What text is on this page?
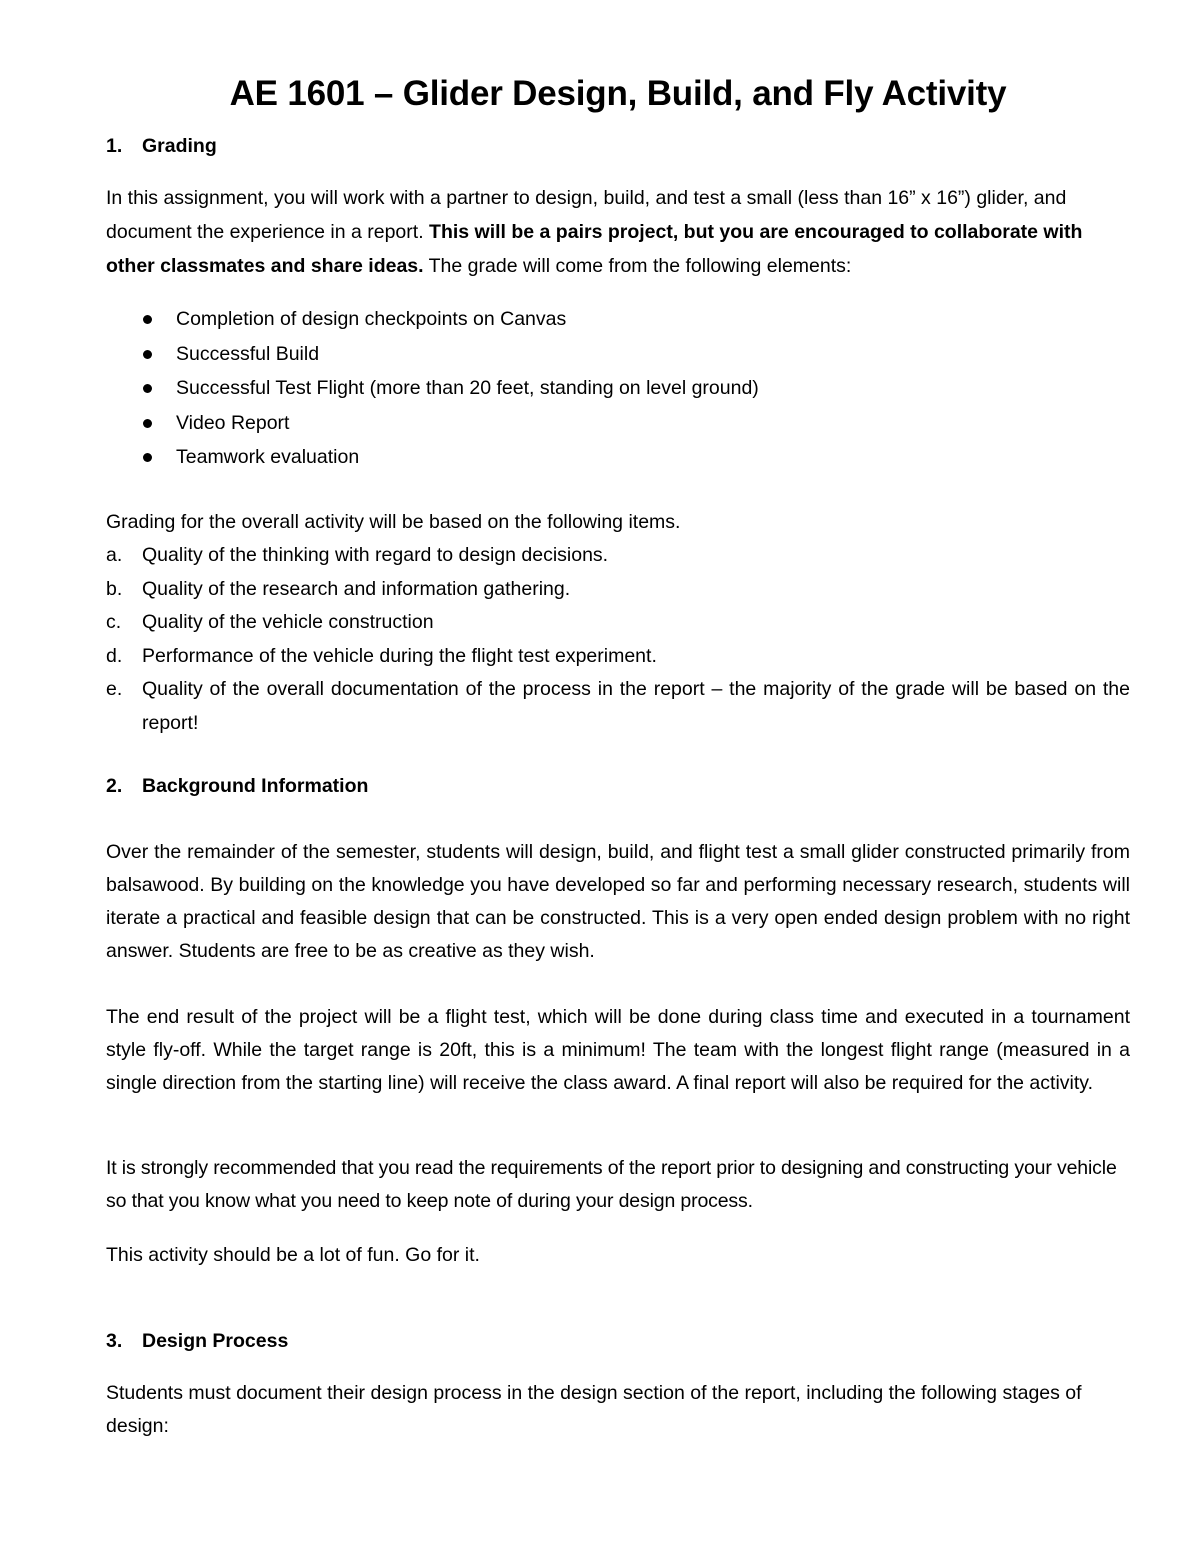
AE 1601 – Glider Design, Build, and Fly Activity
1. Grading

In this assignment, you will work with a partner to design, build, and test a small (less than 16” x 16”) glider, and document the experience in a report. This will be a pairs project, but you are encouraged to collaborate with other classmates and share ideas. The grade will come from the following elements:

Completion of design checkpoints on Canvas
Successful Build
Successful Test Flight (more than 20 feet, standing on level ground)
Video Report
Teamwork evaluation

Grading for the overall activity will be based on the following items.

a. Quality of the thinking with regard to design decisions.
b. Quality of the research and information gathering.
c. Quality of the vehicle construction
d. Performance of the vehicle during the flight test experiment.
e. Quality of the overall documentation of the process in the report – the majority of the grade will be based on the report!
2. Background Information

Over the remainder of the semester, students will design, build, and flight test a small glider constructed primarily from balsawood. By building on the knowledge you have developed so far and performing necessary research, students will iterate a practical and feasible design that can be constructed. This is a very open ended design problem with no right answer. Students are free to be as creative as they wish.

The end result of the project will be a flight test, which will be done during class time and executed in a tournament style fly-off. While the target range is 20ft, this is a minimum! The team with the longest flight range (measured in a single direction from the starting line) will receive the class award. A final report will also be required for the activity.

It is strongly recommended that you read the requirements of the report prior to designing and constructing your vehicle so that you know what you need to keep note of during your design process.

This activity should be a lot of fun. Go for it.

3. Design Process

Students must document their design process in the design section of the report, including the following stages of design:
